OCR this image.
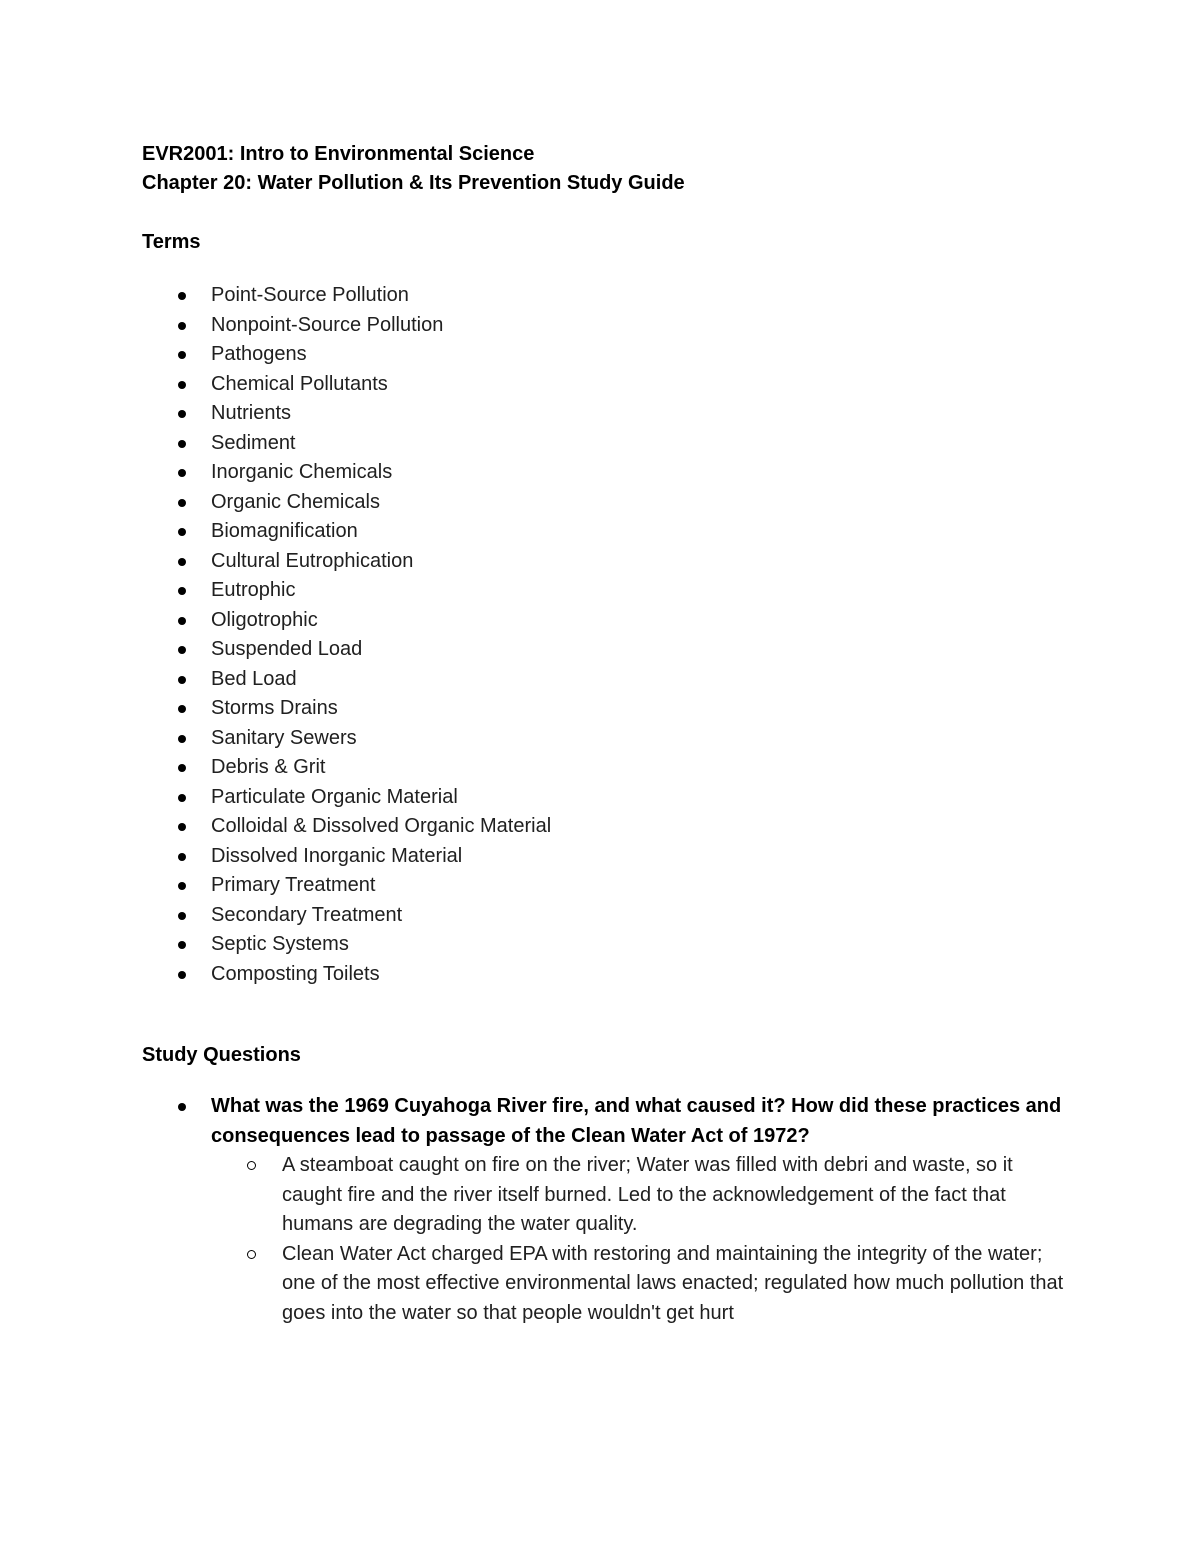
EVR2001: Intro to Environmental Science

Chapter 20: Water Pollution & Its Prevention Study Guide

Terms

Point-Source Pollution
Nonpoint-Source Pollution
Pathogens
Chemical Pollutants
Nutrients
Sediment
Inorganic Chemicals
Organic Chemicals
Biomagnification
Cultural Eutrophication
Eutrophic
Oligotrophic
Suspended Load
Bed Load
Storms Drains
Sanitary Sewers
Debris & Grit
Particulate Organic Material
Colloidal & Dissolved Organic Material
Dissolved Inorganic Material
Primary Treatment
Secondary Treatment
Septic Systems
Composting Toilets

Study Questions

What was the 1969 Cuyahoga River fire, and what caused it? How did these practices and consequences lead to passage of the Clean Water Act of 1972?

A steamboat caught on fire on the river; Water was filled with debri and waste, so it caught fire and the river itself burned. Led to the acknowledgement of the fact that humans are degrading the water quality.
Clean Water Act charged EPA with restoring and maintaining the integrity of the water; one of the most effective environmental laws enacted; regulated how much pollution that goes into the water so that people wouldn't get hurt
